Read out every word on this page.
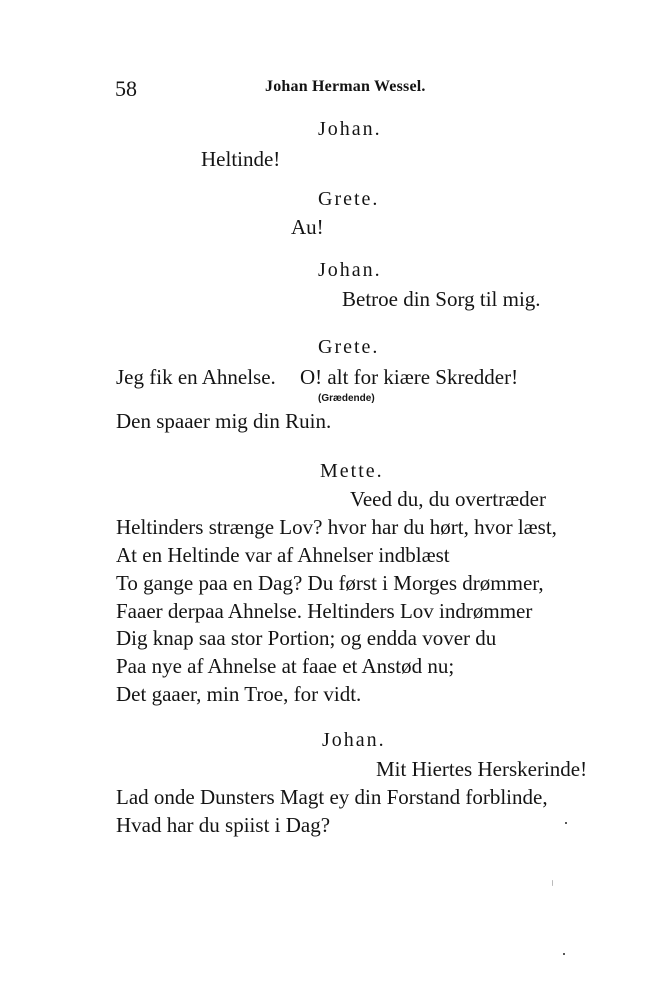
58	Johan Herman Wessel.
Johan.
Heltinde!
Grete.
Au!
Johan.
Betroe din Sorg til mig.
Grete.
Jeg fik en Ahnelse. O! alt for kiære Skredder!
(Grædende)
Den spaaer mig din Ruin.
Mette.
Veed du, du overtræder
Heltinders strænge Lov? hvor har du hørt, hvor læst,
At en Heltinde var af Ahnelser indblæst
To gange paa en Dag? Du først i Morges drømmer,
Faaer derpaa Ahnelse. Heltinders Lov indrømmer
Dig knap saa stor Portion; og endda vover du
Paa nye af Ahnelse at faae et Anstød nu;
Det gaaer, min Troe, for vidt.
Johan.
Mit Hiertes Herskerinde!
Lad onde Dunsters Magt ey din Forstand forblinde,
Hvad har du spiist i Dag?
